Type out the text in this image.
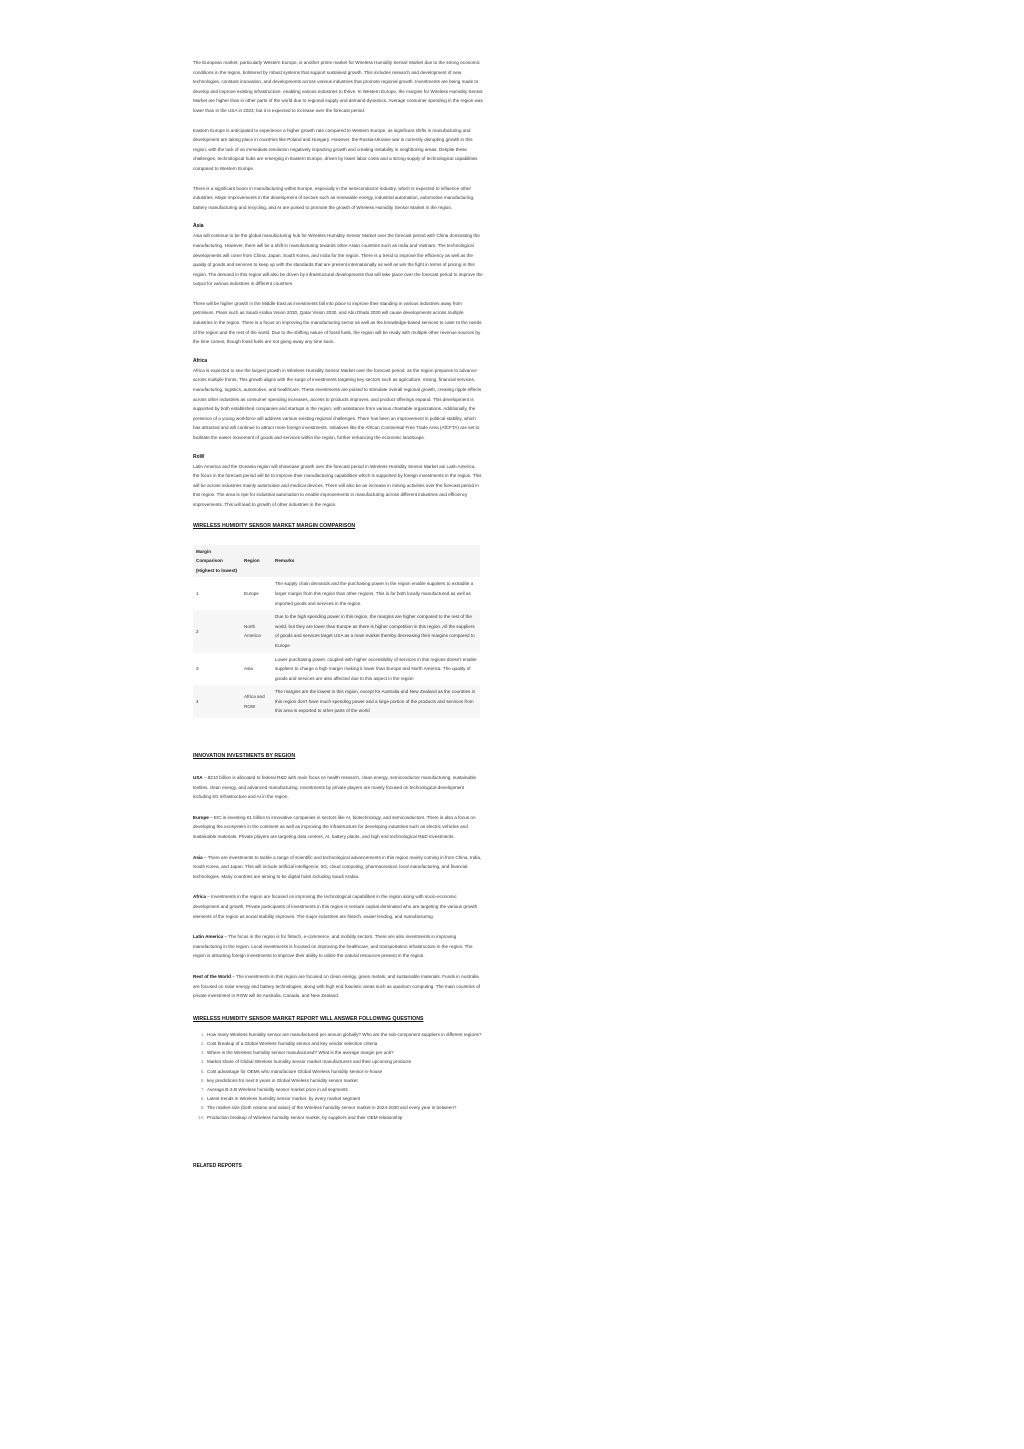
The European market, particularly Western Europe, is another prime market for Wireless Humidity Sensor Market due to the strong economic conditions in the region, bolstered by robust systems that support sustained growth. This includes research and development of new technologies, constant innovation, and developments across various industries that promote regional growth. Investments are being made to develop and improve existing infrastructure, enabling various industries to thrive. In Western Europe, the margins for Wireless Humidity Sensor Market are higher than in other parts of the world due to regional supply and demand dynamics. Average consumer spending in the region was lower than in the USA in 2023, but it is expected to increase over the forecast period.

Eastern Europe is anticipated to experience a higher growth rate compared to Western Europe, as significant shifts in manufacturing and development are taking place in countries like Poland and Hungary. However, the Russia-Ukraine war is currently disrupting growth in this region, with the lack of an immediate resolution negatively impacting growth and creating instability in neighboring areas. Despite these challenges, technological hubs are emerging in Eastern Europe, driven by lower labor costs and a strong supply of technological capabilities compared to Western Europe.

There is a significant boom in manufacturing within Europe, especially in the semiconductor industry, which is expected to influence other industries. Major improvements in the development of sectors such as renewable energy, industrial automation, automotive manufacturing, battery manufacturing and recycling, and AI are poised to promote the growth of Wireless Humidity Sensor Market in the region.

Asia

Asia will continue to be the global manufacturing hub for Wireless Humidity Sensor Market over the forecast period with China dominating the manufacturing. However, there will be a shift in manufacturing towards other Asian countries such as India and Vietnam. The technological developments will come from China, Japan, South Korea, and India for the region. There is a trend to improve the efficiency as well as the quality of goods and services to keep up with the standards that are present internationally as well as win the fight in terms of pricing in this region. The demand in this region will also be driven by infrastructural developments that will take place over the forecast period to improve the output for various industries in different countries.

There will be higher growth in the Middle East as investments fall into place to improve their standing in various industries away from petroleum. Plans such as Saudi Arabia Vision 2030, Qatar Vision 2030, and Abu Dhabi 2030 will cause developments across multiple industries in the region. There is a focus on improving the manufacturing sector as well as the knowledge-based services to cater to the needs of the region and the rest of the world. Due to the shifting nature of fossil fuels, the region will be ready with multiple other revenue sources by the time comes, though fossil fuels are not going away any time soon.

Africa

Africa is expected to see the largest growth in Wireless Humidity Sensor Market over the forecast period, as the region prepares to advance across multiple fronts. This growth aligns with the surge of investments targeting key sectors such as agriculture, mining, financial services, manufacturing, logistics, automotive, and healthcare. These investments are poised to stimulate overall regional growth, creating ripple effects across other industries as consumer spending increases, access to products improves, and product offerings expand. This development is supported by both established companies and startups in the region, with assistance from various charitable organizations. Additionally, the presence of a young workforce will address various existing regional challenges. There has been an improvement in political stability, which has attracted and will continue to attract more foreign investments. Initiatives like the African Continental Free Trade Area (AfCFTA) are set to facilitate the easier movement of goods and services within the region, further enhancing the economic landscape.

RoW

Latin America and the Oceania region will showcase growth over the forecast period in Wireless Humidity Sensor Market ain Latin America, the focus in the forecast period will be to improve their manufacturing capabilities which is supported by foreign investments in the region. This will be across industries mainly automotive and medical devices. There will also be an increase in mining activities over the forecast period in this region. The area is ripe for industrial automation to enable improvements in manufacturing across different industries and efficiency improvements. This will lead to growth of other industries in the region.

WIRELESS HUMIDITY SENSOR MARKET MARGIN COMPARISON
Margin Comparison (Highest to lowest)	Region	Remarks
1	Europe	The supply chain demands and the purchasing power in the region enable suppliers to extradite a larger margin from this region than other regions. This is for both locally manufactured as well as imported goods and services in the region.
2	North America	Due to the high spending power in this region, the margins are higher compared to the rest of the world, but they are lower than Europe as there is higher competition in this region. All the suppliers of goods and services target USA as a main market thereby decreasing their margins compared to Europe
3	Asia	Lower purchasing power, coupled with higher accessibility of services in this regions doesn't enable suppliers to charge a high margin making it lower than Europe and North America. The quality of goods and services are also affected due to this aspect in the region
4	Africa and ROW	The margins are the lowest in this region, except for Australia and New Zealand as the countries in this region don't have much spending power and a large portion of the products and services from this area is exported to other parts of the world
INNOVATION INVESTMENTS BY REGION

USA – $210 billion is allocated to federal R&D with main focus on health research, clean energy, semiconductor manufacturing, sustainable textiles, clean energy, and advanced manufacturing. Investments by private players are mainly focused on technological development including 5G infrastructure and AI in the region.

Europe – EIC is investing €1 billion to innovative companies in sectors like AI, biotechnology, and semiconductors. There is also a focus on developing the ecosystem in the continent as well as improving the infrastructure for developing industries such as electric vehicles and sustainable materials. Private players are targeting data centers, AI, battery plants, and high end technological R&D investments.

Asia – There are investments to tackle a range of scientific and technological advancements in this region mainly coming in from China, India, South Korea, and Japan. This will include artificial intelligence, 5G, cloud computing, pharmaceutical, local manufacturing, and financial technologies. Many countries are aiming to be digital hubs including Saudi Arabia.

Africa – Investments in the region are focused on improving the technological capabilities in the region along with socio-economic development and growth. Private participants of investments in this region is venture capital dominated who are targeting the various growth elements of the region as social stability improves. The major industries are fintech, easier lending, and manufacturing.

Latin America – The focus in the region is for fintech, e-commerce, and mobility sectors. There are also investments in improving manufacturing in the region. Local investments is focused on improving the healthcare, and transportation infrastructure in the region. The region is attracting foreign investments to improve their ability to utilize the natural resources present in the region.

Rest of the World – The investments in this region are focused on clean energy, green metals, and sustainable materials. Funds in Australia are focused on solar energy and battery technologies, along with high end futuristic areas such as quantum computing. The main countries of private investment in ROW will be Australia, Canada, and New Zealand.

WIRELESS HUMIDITY SENSOR MARKET REPORT WILL ANSWER FOLLOWING QUESTIONS
1. How many Wireless humidity sensor are manufactured per annum globally? Who are the sub-component suppliers in different regions?
2. Cost breakup of a Global Wireless humidity sensor and key vendor selection criteria
3. Where is the Wireless humidity sensor manufactured? What is the average margin per unit?
4. Market share of Global Wireless humidity sensor market manufacturers and their upcoming products
5. Cost advantage for OEMs who manufacture Global Wireless humidity sensor in-house
6. key predictions for next 5 years in Global Wireless humidity sensor market
7. Average B-2-B Wireless humidity sensor market price in all segments
8. Latest trends in Wireless humidity sensor market, by every market segment
9. The market size (both volume and value) of the Wireless humidity sensor market in 2024-2030 and every year in between?
10. Production breakup of Wireless humidity sensor market, by suppliers and their OEM relationship
RELATED REPORTS
